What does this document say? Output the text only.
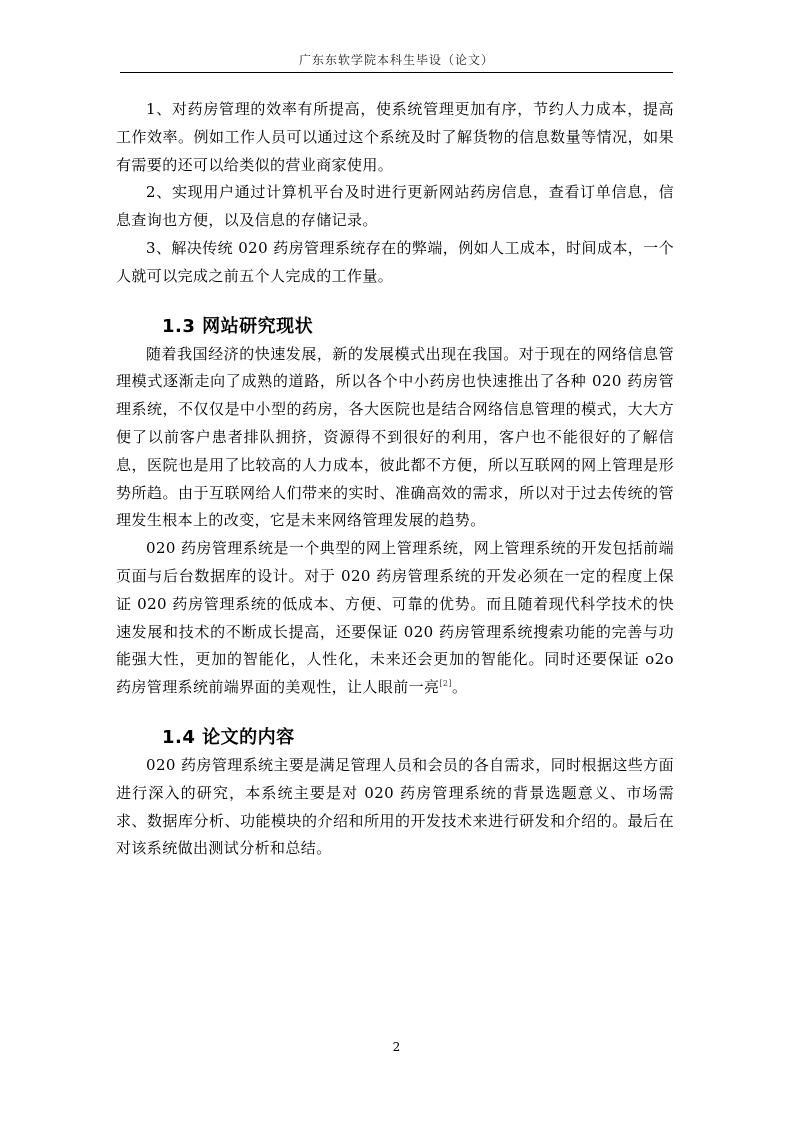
广东东软学院本科生毕设（论文）

1、对药房管理的效率有所提高，使系统管理更加有序，节约人力成本，提高工作效率。例如工作人员可以通过这个系统及时了解货物的信息数量等情况，如果有需要的还可以给类似的营业商家使用。

2、实现用户通过计算机平台及时进行更新网站药房信息，查看订单信息，信息查询也方便，以及信息的存储记录。

3、解决传统 020 药房管理系统存在的弊端，例如人工成本，时间成本，一个人就可以完成之前五个人完成的工作量。

1.3 网站研究现状

随着我国经济的快速发展，新的发展模式出现在我国。对于现在的网络信息管理模式逐渐走向了成熟的道路，所以各个中小药房也快速推出了各种 020 药房管理系统，不仅仅是中小型的药房，各大医院也是结合网络信息管理的模式，大大方便了以前客户患者排队拥挤，资源得不到很好的利用，客户也不能很好的了解信息，医院也是用了比较高的人力成本，彼此都不方便，所以互联网的网上管理是形势所趋。由于互联网给人们带来的实时、准确高效的需求，所以对于过去传统的管理发生根本上的改变，它是未来网络管理发展的趋势。

020 药房管理系统是一个典型的网上管理系统，网上管理系统的开发包括前端页面与后台数据库的设计。对于 020 药房管理系统的开发必须在一定的程度上保证 020 药房管理系统的低成本、方便、可靠的优势。而且随着现代科学技术的快速发展和技术的不断成长提高，还要保证 020 药房管理系统搜索功能的完善与功能强大性，更加的智能化，人性化，未来还会更加的智能化。同时还要保证 o2o 药房管理系统前端界面的美观性，让人眼前一亮[2]。

1.4 论文的内容

020 药房管理系统主要是满足管理人员和会员的各自需求，同时根据这些方面进行深入的研究，本系统主要是对 020 药房管理系统的背景选题意义、市场需求、数据库分析、功能模块的介绍和所用的开发技术来进行研发和介绍的。最后在对该系统做出测试分析和总结。

2
